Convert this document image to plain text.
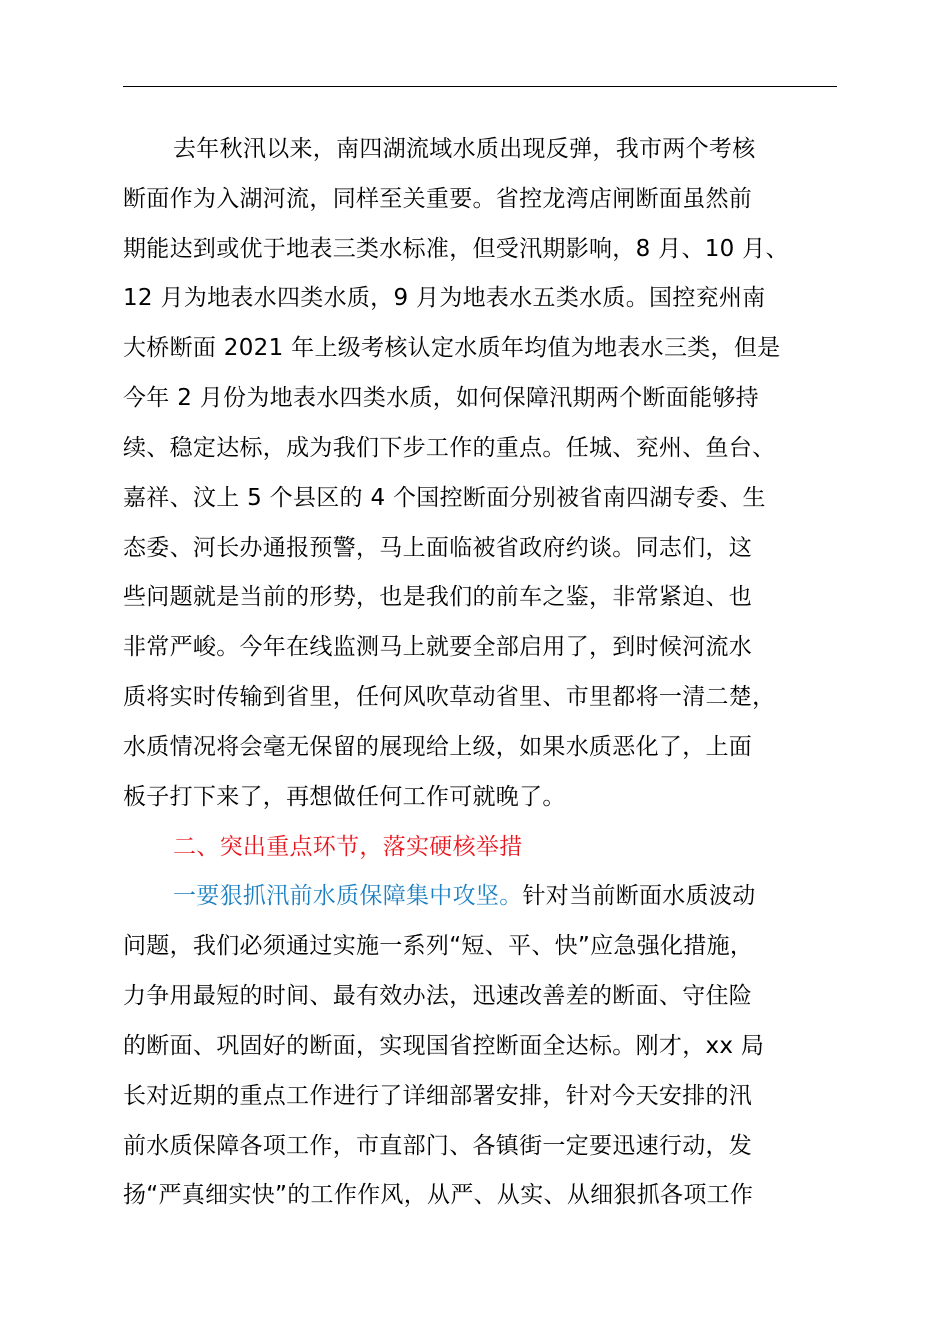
去年秋汛以来，南四湖流域水质出现反弹，我市两个考核
断面作为入湖河流，同样至关重要。省控龙湾店闸断面虽然前
期能达到或优于地表三类水标准，但受汛期影响，8 月、10 月、
12 月为地表水四类水质，9 月为地表水五类水质。国控兖州南
大桥断面 2021 年上级考核认定水质年均值为地表水三类，但是
今年 2 月份为地表水四类水质，如何保障汛期两个断面能够持
续、稳定达标，成为我们下步工作的重点。任城、兖州、鱼台、
嘉祥、汶上 5 个县区的 4 个国控断面分别被省南四湖专委、生
态委、河长办通报预警，马上面临被省政府约谈。同志们，这
些问题就是当前的形势，也是我们的前车之鉴，非常紧迫、也
非常严峻。今年在线监测马上就要全部启用了，到时候河流水
质将实时传输到省里，任何风吹草动省里、市里都将一清二楚，
水质情况将会毫无保留的展现给上级，如果水质恶化了，上面
板子打下来了，再想做任何工作可就晚了。
二、突出重点环节，落实硬核举措
一要狠抓汛前水质保障集中攻坚。针对当前断面水质波动
问题，我们必须通过实施一系列“短、平、快”应急强化措施，
力争用最短的时间、最有效办法，迅速改善差的断面、守住险
的断面、巩固好的断面，实现国省控断面全达标。刚才，xx 局
长对近期的重点工作进行了详细部署安排，针对今天安排的汛
前水质保障各项工作，市直部门、各镇街一定要迅速行动，发
扬“严真细实快”的工作作风，从严、从实、从细狠抓各项工作
